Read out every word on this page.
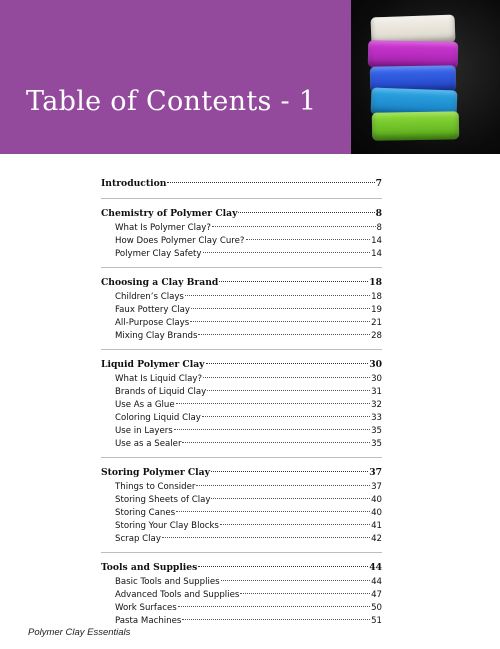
Table of Contents - 1
Introduction	7
Chemistry of Polymer Clay	8
What Is Polymer Clay?	8
How Does Polymer Clay Cure?	14
Polymer Clay Safety	14
Choosing a Clay Brand	18
Children’s Clays	18
Faux Pottery Clay	19
All-Purpose Clays	21
Mixing Clay Brands	28
Liquid Polymer Clay	30
What Is Liquid Clay?	30
Brands of Liquid Clay	31
Use As a Glue	32
Coloring Liquid Clay	33
Use in Layers	35
Use as a Sealer	35
Storing Polymer Clay	37
Things to Consider	37
Storing Sheets of Clay	40
Storing Canes	40
Storing Your Clay Blocks	41
Scrap Clay	42
Tools and Supplies	44
Basic Tools and Supplies	44
Advanced Tools and Supplies	47
Work Surfaces	50
Pasta Machines	51
Polymer Clay Essentials
